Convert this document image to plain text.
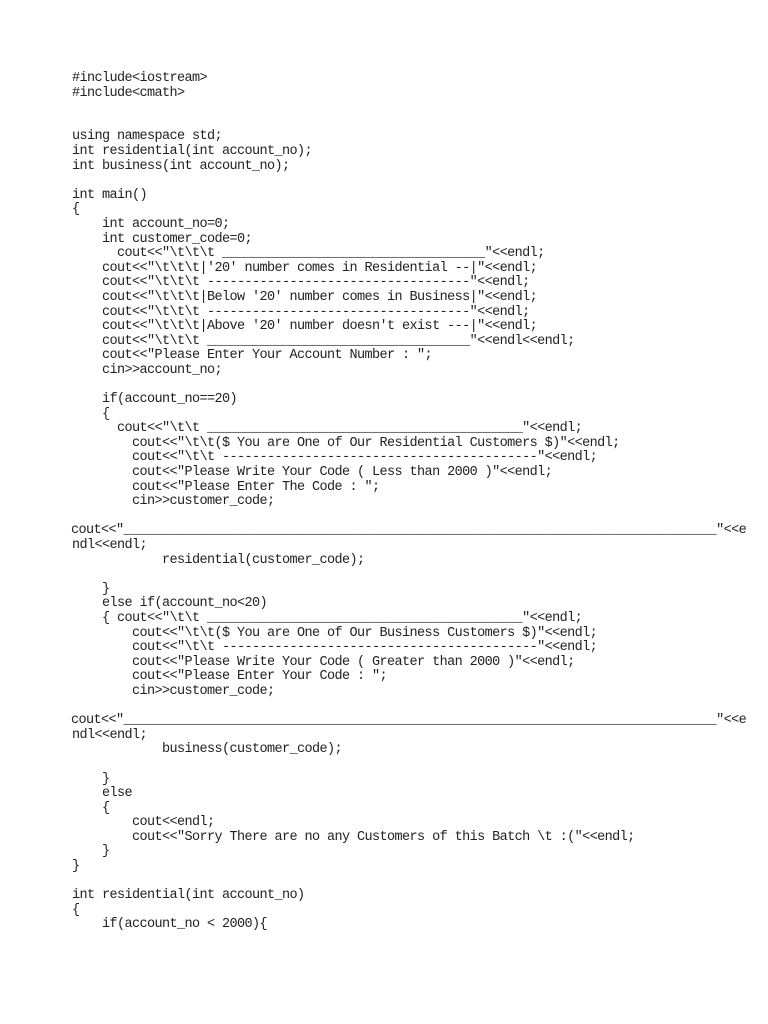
#include<iostream>
#include<cmath>
using namespace std;
int residential(int account_no);
int business(int account_no);
int main()
{
int account_no=0;
int customer_code=0;
cout<<"\t\t\t ___________________________________"<<endl;
cout<<"\t\t\t|'20' number comes in Residential --|"<<endl;
cout<<"\t\t\t -----------------------------------"<<endl;
cout<<"\t\t\t|Below '20' number comes in Business|"<<endl;
cout<<"\t\t\t -----------------------------------"<<endl;
cout<<"\t\t\t|Above '20' number doesn't exist ---|"<<endl;
cout<<"\t\t\t ___________________________________"<<endl<<endl;
cout<<"Please Enter Your Account Number : ";
cin>>account_no;
if(account_no==20)
{
cout<<"\t\t __________________________________________"<<endl;
cout<<"\t\t($ You are One of Our Residential Customers $)"<<endl;
cout<<"\t\t ------------------------------------------"<<endl;
cout<<"Please Write Your Code ( Less than 2000 )"<<endl;
cout<<"Please Enter The Code : ";
cin>>customer_code;
cout<<"_______________________________________________________________________________"<<e
ndl<<endl;
residential(customer_code);
}
else if(account_no<20)
{ cout<<"\t\t __________________________________________"<<endl;
cout<<"\t\t($ You are One of Our Business Customers $)"<<endl;
cout<<"\t\t ------------------------------------------"<<endl;
cout<<"Please Write Your Code ( Greater than 2000 )"<<endl;
cout<<"Please Enter Your Code : ";
cin>>customer_code;
cout<<"_______________________________________________________________________________"<<e
ndl<<endl;
business(customer_code);
}
else
{
cout<<endl;
cout<<"Sorry There are no any Customers of this Batch \t :("<<endl;
}
}
int residential(int account_no)
{
if(account_no < 2000){
